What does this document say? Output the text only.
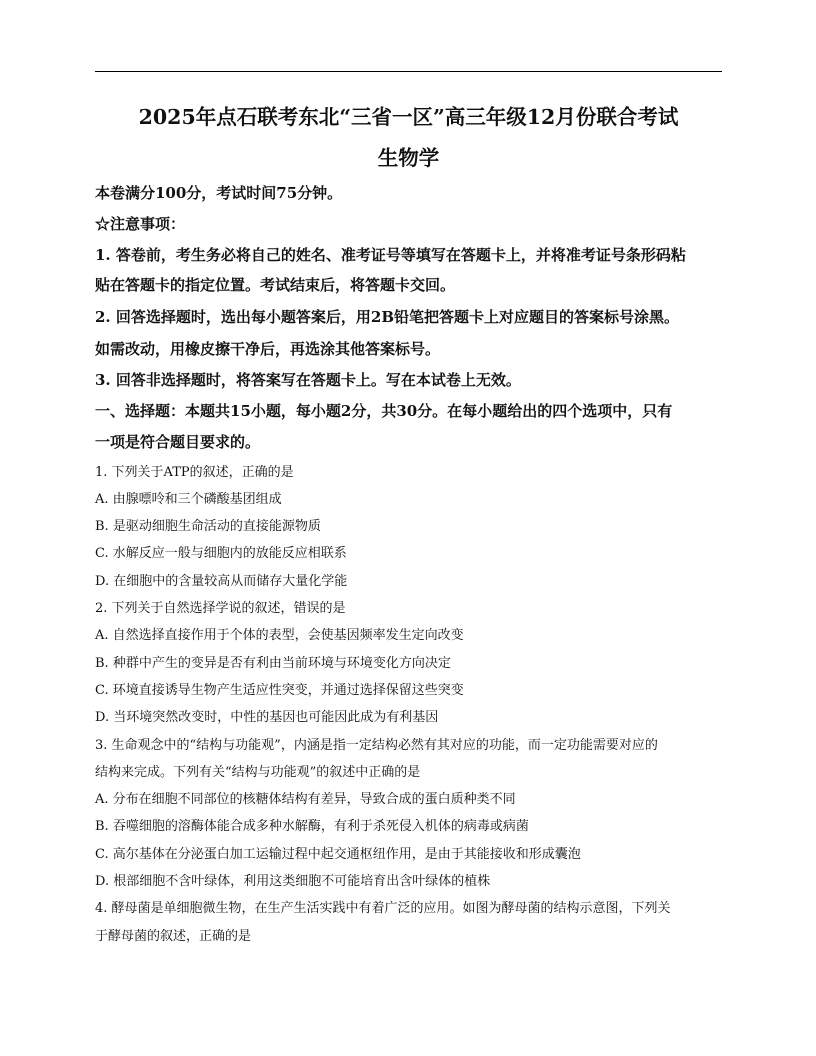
2025年点石联考东北“三省一区”高三年级12月份联合考试
生物学
本卷满分100分，考试时间75分钟。
☆注意事项：
1. 答卷前，考生务必将自己的姓名、准考证号等填写在答题卡上，并将准考证号条形码粘
贴在答题卡的指定位置。考试结束后，将答题卡交回。
2. 回答选择题时，选出每小题答案后，用2B铅笔把答题卡上对应题目的答案标号涂黑。
如需改动，用橡皮擦干净后，再选涂其他答案标号。
3. 回答非选择题时，将答案写在答题卡上。写在本试卷上无效。
一、选择题：本题共15小题，每小题2分，共30分。在每小题给出的四个选项中，只有
一项是符合题目要求的。
1. 下列关于ATP的叙述，正确的是
A. 由腺嘌呤和三个磷酸基团组成
B. 是驱动细胞生命活动的直接能源物质
C. 水解反应一般与细胞内的放能反应相联系
D. 在细胞中的含量较高从而储存大量化学能
2. 下列关于自然选择学说的叙述，错误的是
A. 自然选择直接作用于个体的表型，会使基因频率发生定向改变
B. 种群中产生的变异是否有利由当前环境与环境变化方向决定
C. 环境直接诱导生物产生适应性突变，并通过选择保留这些突变
D. 当环境突然改变时，中性的基因也可能因此成为有利基因
3. 生命观念中的“结构与功能观”，内涵是指一定结构必然有其对应的功能，而一定功能需要对应的
结构来完成。下列有关“结构与功能观”的叙述中正确的是
A. 分布在细胞不同部位的核糖体结构有差异，导致合成的蛋白质种类不同
B. 吞噬细胞的溶酶体能合成多种水解酶，有利于杀死侵入机体的病毒或病菌
C. 高尔基体在分泌蛋白加工运输过程中起交通枢纽作用，是由于其能接收和形成囊泡
D. 根部细胞不含叶绿体，利用这类细胞不可能培育出含叶绿体的植株
4. 酵母菌是单细胞微生物，在生产生活实践中有着广泛的应用。如图为酵母菌的结构示意图，下列关
于酵母菌的叙述，正确的是
